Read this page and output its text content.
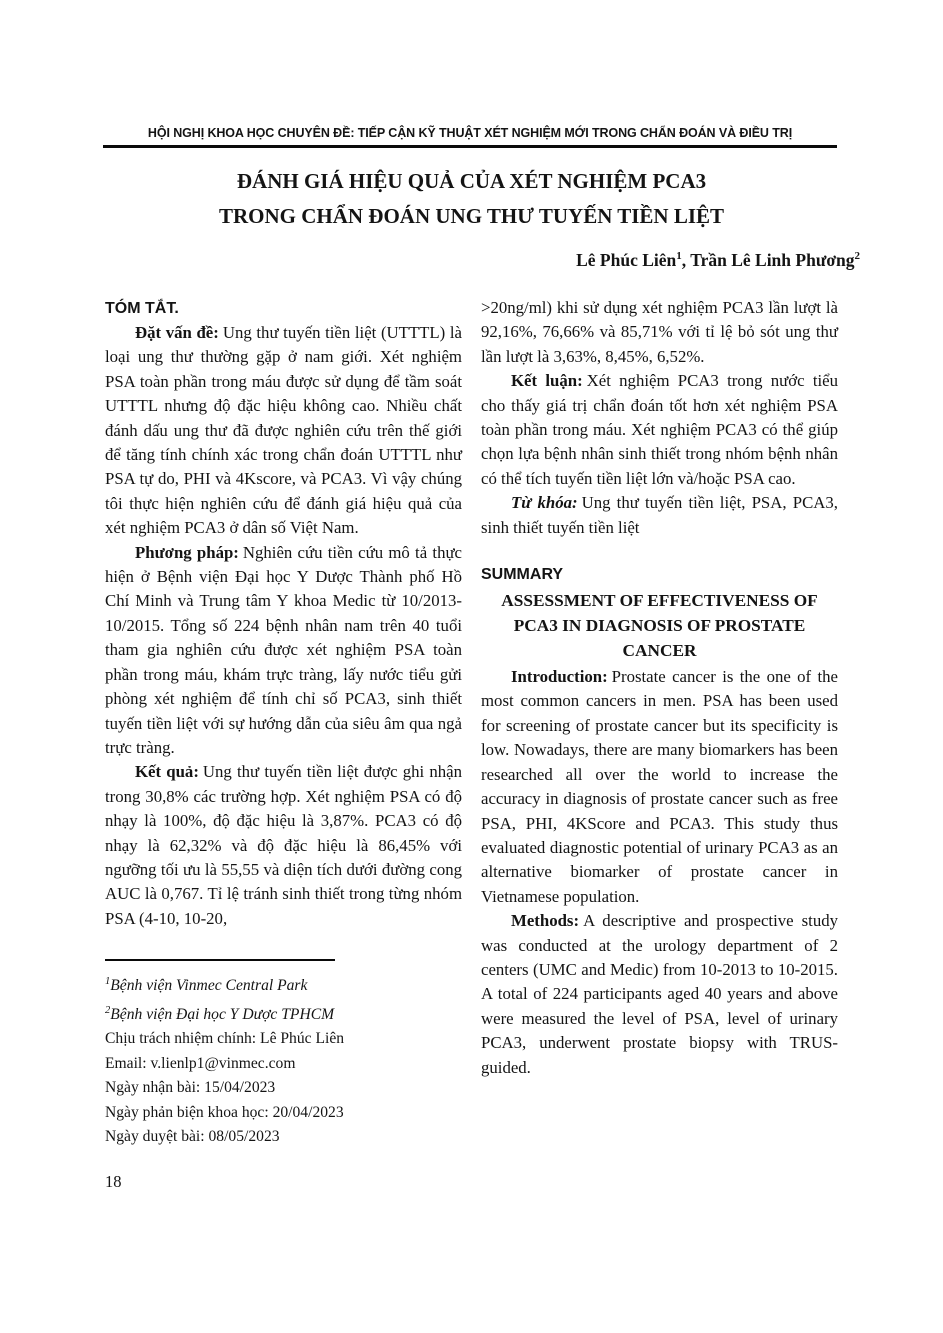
HỘI NGHỊ KHOA HỌC CHUYÊN ĐỀ: TIẾP CẬN KỸ THUẬT XÉT NGHIỆM MỚI TRONG CHẨN ĐOÁN VÀ ĐIỀU TRỊ
ĐÁNH GIÁ HIỆU QUẢ CỦA XÉT NGHIỆM PCA3
TRONG CHẨN ĐOÁN UNG THƯ TUYẾN TIỀN LIỆT
Lê Phúc Liên$^1$, Trần Lê Linh Phương$^2$
TÓM TẮT.

Đặt vấn đề: Ung thư tuyến tiền liệt (UTTTL) là loại ung thư thường gặp ở nam giới. Xét nghiệm PSA toàn phần trong máu được sử dụng để tầm soát UTTTL nhưng độ đặc hiệu không cao. Nhiều chất đánh dấu ung thư đã được nghiên cứu trên thế giới để tăng tính chính xác trong chẩn đoán UTTTL như PSA tự do, PHI và 4Kscore, và PCA3. Vì vậy chúng tôi thực hiện nghiên cứu để đánh giá hiệu quả của xét nghiệm PCA3 ở dân số Việt Nam.

Phương pháp: Nghiên cứu tiền cứu mô tả thực hiện ở Bệnh viện Đại học Y Dược Thành phố Hồ Chí Minh và Trung tâm Y khoa Medic từ 10/2013-10/2015. Tổng số 224 bệnh nhân nam trên 40 tuổi tham gia nghiên cứu được xét nghiệm PSA toàn phần trong máu, khám trực tràng, lấy nước tiểu gửi phòng xét nghiệm để tính chỉ số PCA3, sinh thiết tuyến tiền liệt với sự hướng dẫn của siêu âm qua ngả trực tràng.

Kết quả: Ung thư tuyến tiền liệt được ghi nhận trong 30,8% các trường hợp. Xét nghiệm PSA có độ nhạy là 100%, độ đặc hiệu là 3,87%. PCA3 có độ nhạy là 62,32% và độ đặc hiệu là 86,45% với ngưỡng tối ưu là 55,55 và diện tích dưới đường cong AUC là 0,767. Tỉ lệ tránh sinh thiết trong từng nhóm PSA (4-10, 10-20,

$^1$Bệnh viện Vinmec Central Park
$^2$Bệnh viện Đại học Y Dược TPHCM
Chịu trách nhiệm chính: Lê Phúc Liên
Email: v.lienlp1@vinmec.com
Ngày nhận bài: 15/04/2023
Ngày phản biện khoa học: 20/04/2023
Ngày duyệt bài: 08/05/2023

>20ng/ml) khi sử dụng xét nghiệm PCA3 lần lượt là 92,16%, 76,66% và 85,71% với tỉ lệ bỏ sót ung thư lần lượt là 3,63%, 8,45%, 6,52%.

Kết luận: Xét nghiệm PCA3 trong nước tiểu cho thấy giá trị chẩn đoán tốt hơn xét nghiệm PSA toàn phần trong máu. Xét nghiệm PCA3 có thể giúp chọn lựa bệnh nhân sinh thiết trong nhóm bệnh nhân có thể tích tuyến tiền liệt lớn và/hoặc PSA cao.

Từ khóa: Ung thư tuyến tiền liệt, PSA, PCA3, sinh thiết tuyến tiền liệt

SUMMARY
ASSESSMENT OF EFFECTIVENESS OF PCA3 IN DIAGNOSIS OF PROSTATE CANCER

Introduction: Prostate cancer is the one of the most common cancers in men. PSA has been used for screening of prostate cancer but its specificity is low. Nowadays, there are many biomarkers has been researched all over the world to increase the accuracy in diagnosis of prostate cancer such as free PSA, PHI, 4KScore and PCA3. This study thus evaluated diagnostic potential of urinary PCA3 as an alternative biomarker of prostate cancer in Vietnamese population.

Methods: A descriptive and prospective study was conducted at the urology department of 2 centers (UMC and Medic) from 10-2013 to 10-2015. A total of 224 participants aged 40 years and above were measured the level of PSA, level of urinary PCA3, underwent prostate biopsy with TRUS-guided.

18
